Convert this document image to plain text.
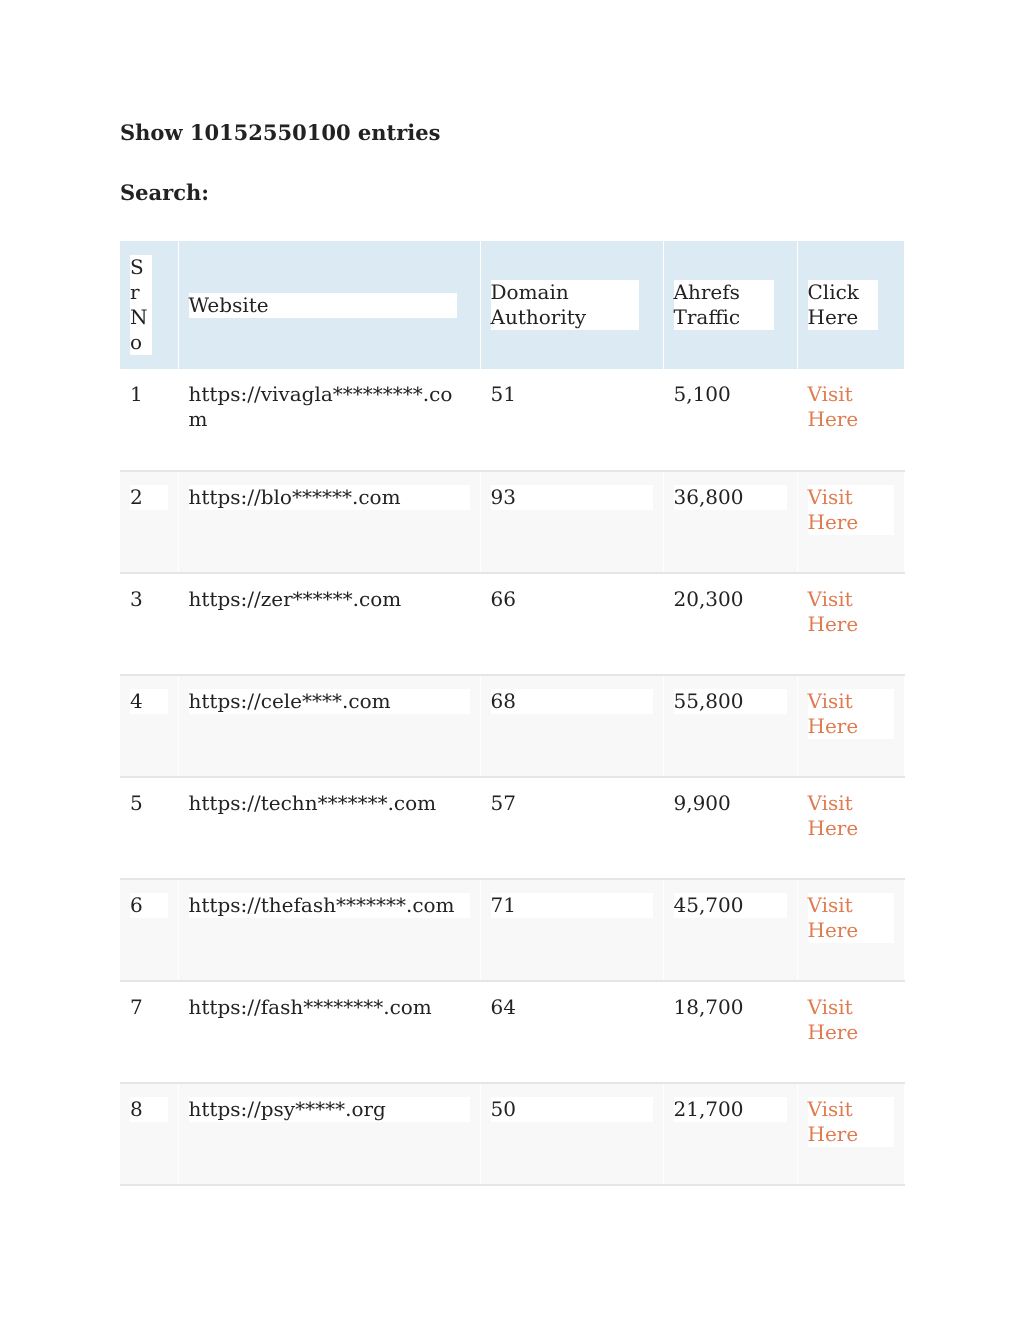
Show 10152550100 entries
Search:
Sr No	Website	Domain Authority	Ahrefs Traffic	Click Here
1	https://vivagla*********.com	51	5,100	Visit Here

2	https://blo******.com	93	36,800	Visit Here

3	https://zer******.com	66	20,300	Visit Here

4	https://cele****.com	68	55,800	Visit Here

5	https://techn*******.com	57	9,900	Visit Here

6	https://thefash*******.com	71	45,700	Visit Here

7	https://fash********.com	64	18,700	Visit Here

8	https://psy*****.org	50	21,700	Visit Here
